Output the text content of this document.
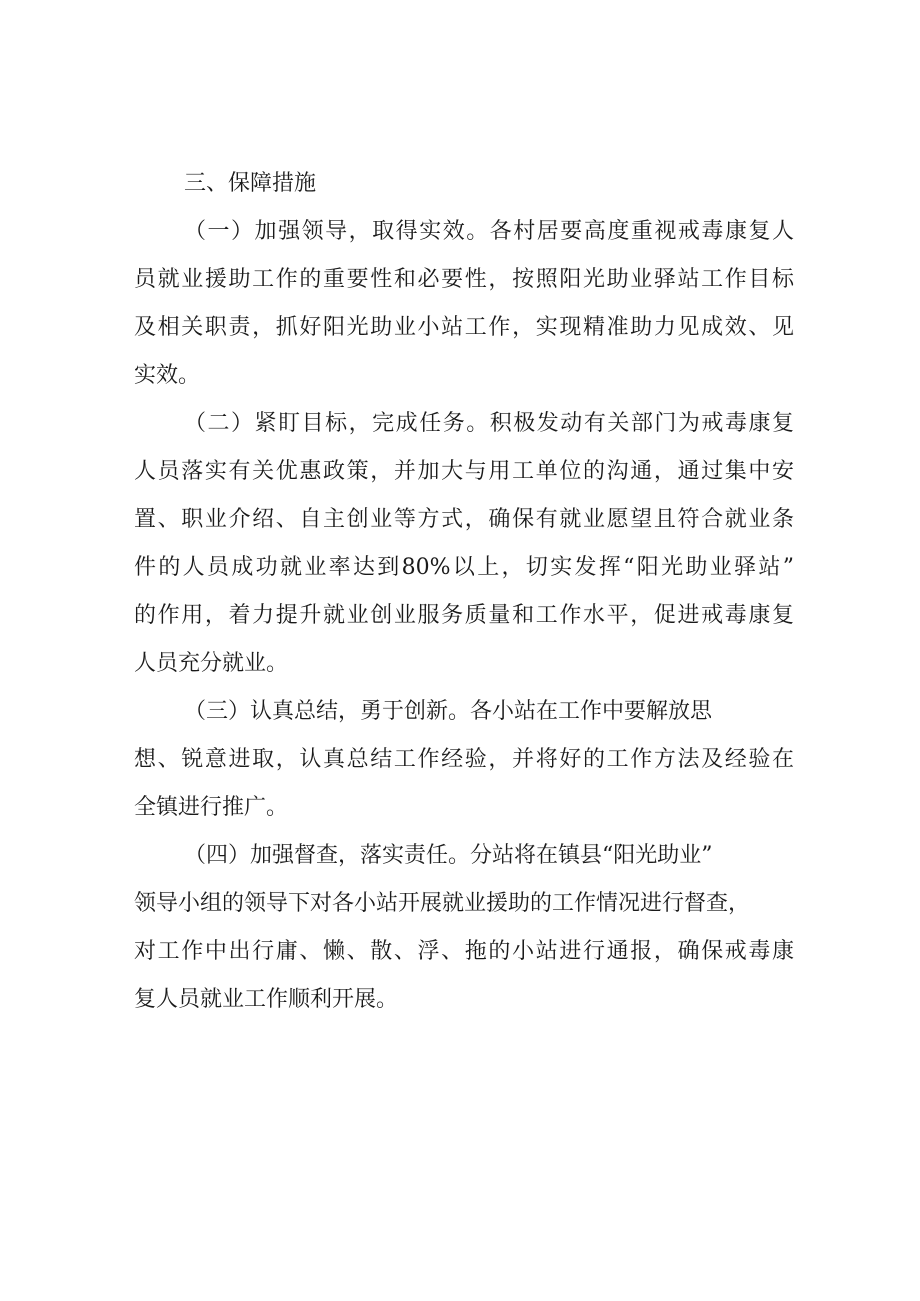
三、保障措施
（一）加强领导，取得实效。各村居要高度重视戒毒康复人
员就业援助工作的重要性和必要性，按照阳光助业驿站工作目标
及相关职责，抓好阳光助业小站工作，实现精准助力见成效、见
实效。
（二）紧盯目标，完成任务。积极发动有关部门为戒毒康复
人员落实有关优惠政策，并加大与用工单位的沟通，通过集中安
置、职业介绍、自主创业等方式，确保有就业愿望且符合就业条
件的人员成功就业率达到80%以上，切实发挥“阳光助业驿站”
的作用，着力提升就业创业服务质量和工作水平，促进戒毒康复
人员充分就业。
（三）认真总结，勇于创新。各小站在工作中要解放思
想、锐意进取，认真总结工作经验，并将好的工作方法及经验在
全镇进行推广。
（四）加强督查，落实责任。分站将在镇县“阳光助业”
领导小组的领导下对各小站开展就业援助的工作情况进行督查，
对工作中出行庸、懒、散、浮、拖的小站进行通报，确保戒毒康
复人员就业工作顺利开展。
